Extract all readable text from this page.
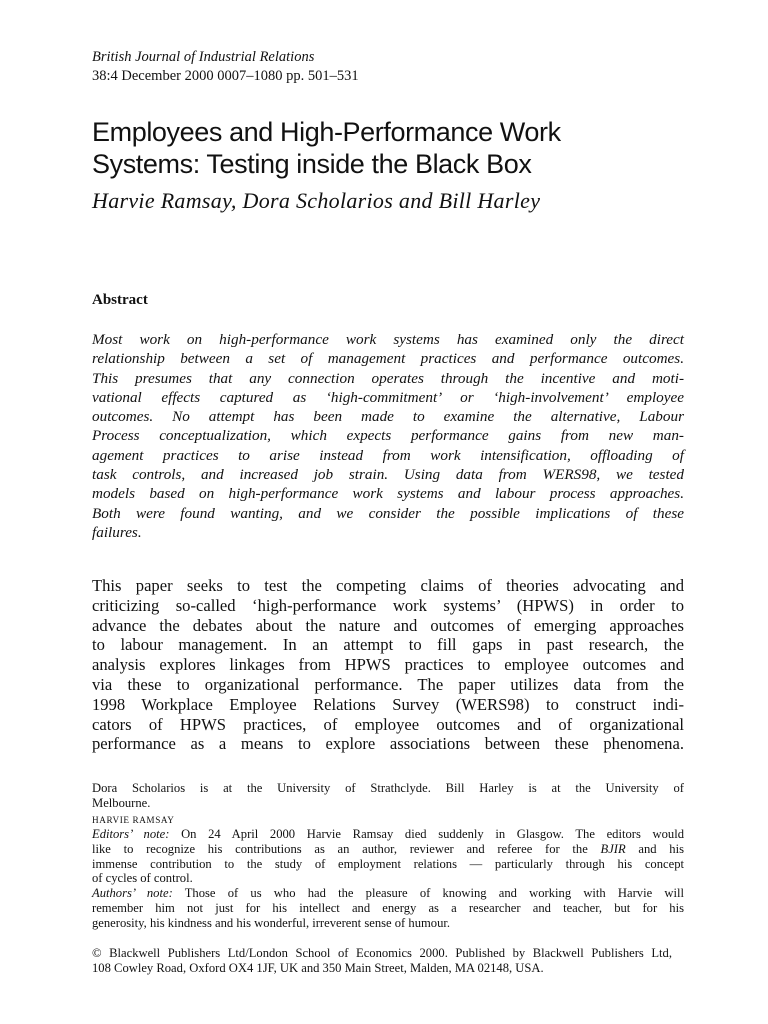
British Journal of Industrial Relations
38:4 December 2000 0007–1080 pp. 501–531
Employees and High-Performance Work
Systems: Testing inside the Black Box
Harvie Ramsay, Dora Scholarios and Bill Harley
Abstract
Most work on high-performance work systems has examined only the direct
relationship between a set of management practices and performance outcomes.
This presumes that any connection operates through the incentive and moti-
vational effects captured as ‘high-commitment’ or ‘high-involvement’ employee
outcomes. No attempt has been made to examine the alternative, Labour
Process conceptualization, which expects performance gains from new man-
agement practices to arise instead from work intensification, offloading of
task controls, and increased job strain. Using data from WERS98, we tested
models based on high-performance work systems and labour process approaches.
Both were found wanting, and we consider the possible implications of these
failures.
This paper seeks to test the competing claims of theories advocating and
criticizing so-called ‘high-performance work systems’ (HPWS) in order to
advance the debates about the nature and outcomes of emerging approaches
to labour management. In an attempt to fill gaps in past research, the
analysis explores linkages from HPWS practices to employee outcomes and
via these to organizational performance. The paper utilizes data from the
1998 Workplace Employee Relations Survey (WERS98) to construct indi-
cators of HPWS practices, of employee outcomes and of organizational
performance as a means to explore associations between these phenomena.
Dora Scholarios is at the University of Strathclyde. Bill Harley is at the University of
Melbourne.
HARVIE RAMSAY
Editors’ note: On 24 April 2000 Harvie Ramsay died suddenly in Glasgow. The editors would
like to recognize his contributions as an author, reviewer and referee for the BJIR and his
immense contribution to the study of employment relations — particularly through his concept
of cycles of control.
Authors’ note: Those of us who had the pleasure of knowing and working with Harvie will
remember him not just for his intellect and energy as a researcher and teacher, but for his
generosity, his kindness and his wonderful, irreverent sense of humour.
© Blackwell Publishers Ltd/London School of Economics 2000. Published by Blackwell Publishers Ltd,
108 Cowley Road, Oxford OX4 1JF, UK and 350 Main Street, Malden, MA 02148, USA.
